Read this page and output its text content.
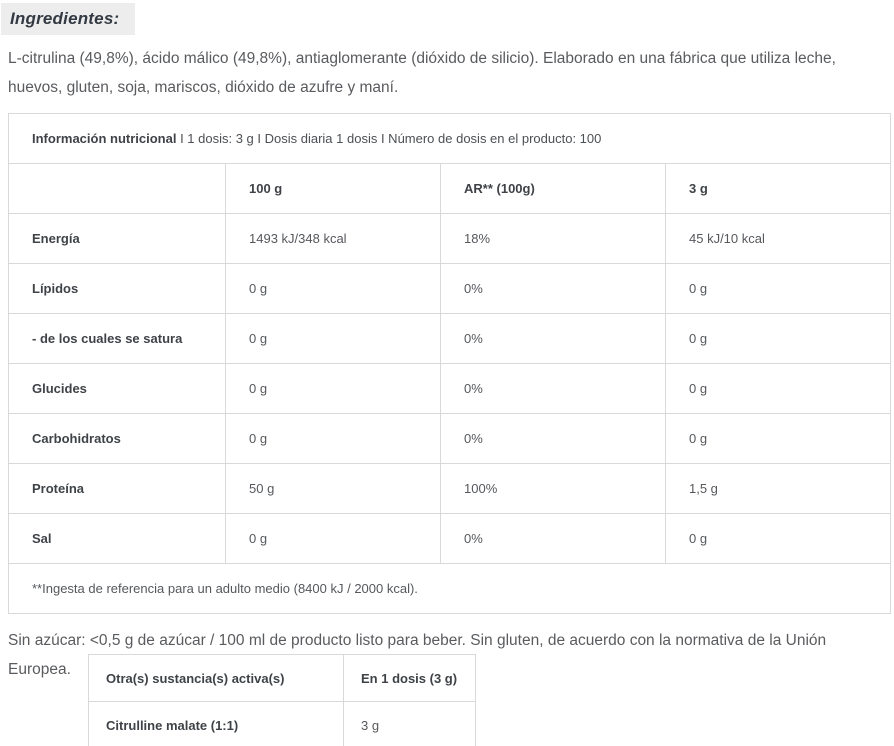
Ingredientes:

L-citrulina (49,8%), ácido málico (49,8%), antiaglomerante (dióxido de silicio). Elaborado en una fábrica que utiliza leche, huevos, gluten, soja, mariscos, dióxido de azufre y maní.

Información nutricional I 1 dosis: 3 g I Dosis diaria 1 dosis I Número de dosis en el producto: 100			
	100 g	AR** (100g)	3 g
Energía	1493 kJ/348 kcal	18%	45 kJ/10 kcal
Lípidos	0 g	0%	0 g
- de los cuales se satura	0 g	0%	0 g
Glucides	0 g	0%	0 g
Carbohidratos	0 g	0%	0 g
Proteína	50 g	100%	1,5 g
Sal	0 g	0%	0 g
**Ingesta de referencia para un adulto medio (8400 kJ / 2000 kcal).			

Sin azúcar: <0,5 g de azúcar / 100 ml de producto listo para beber. Sin gluten, de acuerdo con la normativa de la Unión Europea.	Otra(s) sustancia(s) activa(s)	En 1 dosis (3 g)
Citrulline malate (1:1)	3 g
